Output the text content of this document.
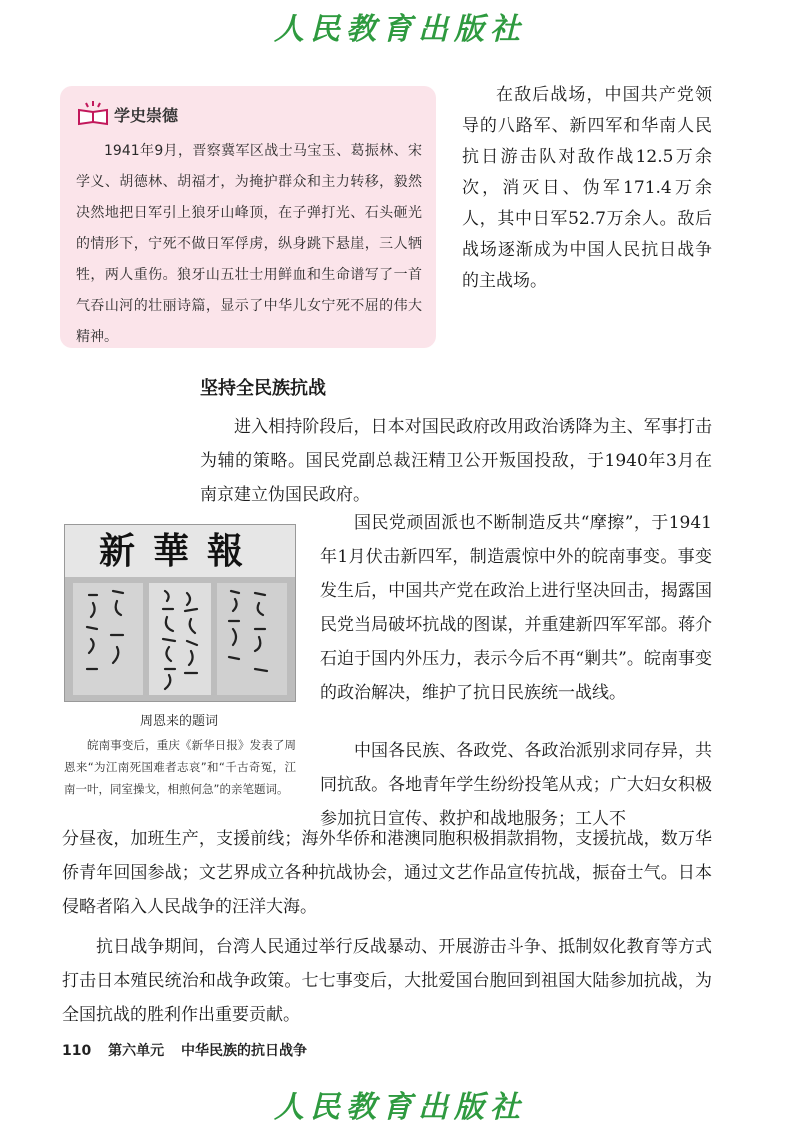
人民教育出版社
学史崇德

1941年9月，晋察冀军区战士马宝玉、葛振林、宋学义、胡德林、胡福才，为掩护群众和主力转移，毅然决然地把日军引上狼牙山峰顶，在子弹打光、石头砸光的情形下，宁死不做日军俘虏，纵身跳下悬崖，三人牺牲，两人重伤。狼牙山五壮士用鲜血和生命谱写了一首气吞山河的壮丽诗篇，显示了中华儿女宁死不屈的伟大精神。

在敌后战场，中国共产党领导的八路军、新四军和华南人民抗日游击队对敌作战12.5万余次，消灭日、伪军171.4万余人，其中日军52.7万余人。敌后战场逐渐成为中国人民抗日战争的主战场。

坚持全民族抗战

进入相持阶段后，日本对国民政府改用政治诱降为主、军事打击为辅的策略。国民党副总裁汪精卫公开叛国投敌，于1940年3月在南京建立伪国民政府。

新華報

周恩来的题词

皖南事变后，重庆《新华日报》发表了周恩来“为江南死国难者志哀”和“千古奇冤，江南一叶，同室操戈，相煎何急”的亲笔题词。

国民党顽固派也不断制造反共“摩擦”，于1941年1月伏击新四军，制造震惊中外的皖南事变。事变发生后，中国共产党在政治上进行坚决回击，揭露国民党当局破坏抗战的图谋，并重建新四军军部。蒋介石迫于国内外压力，表示今后不再“剿共”。皖南事变的政治解决，维护了抗日民族统一战线。

中国各民族、各政党、各政治派别求同存异，共同抗敌。各地青年学生纷纷投笔从戎；广大妇女积极参加抗日宣传、救护和战地服务；工人不

分昼夜，加班生产，支援前线；海外华侨和港澳同胞积极捐款捐物，支援抗战，数万华侨青年回国参战；文艺界成立各种抗战协会，通过文艺作品宣传抗战，振奋士气。日本侵略者陷入人民战争的汪洋大海。

抗日战争期间，台湾人民通过举行反战暴动、开展游击斗争、抵制奴化教育等方式打击日本殖民统治和战争政策。七七事变后，大批爱国台胞回到祖国大陆参加抗战，为全国抗战的胜利作出重要贡献。

110 第六单元 中华民族的抗日战争
人民教育出版社
